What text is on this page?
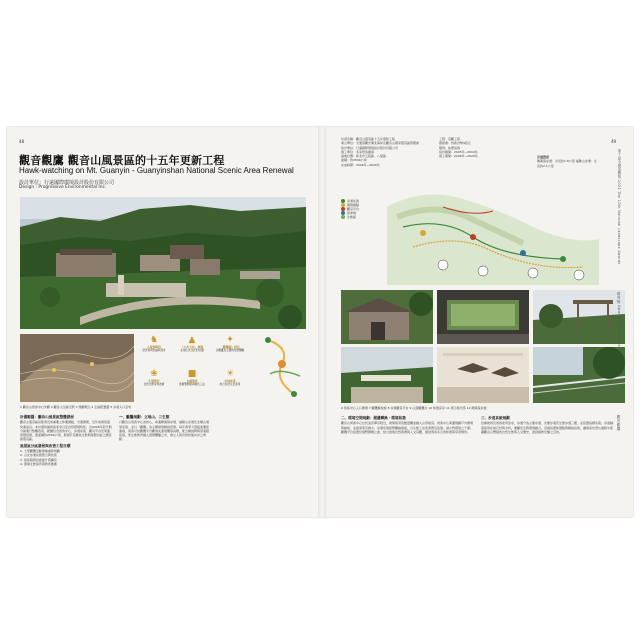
48
觀音觀鷹 觀音山風景區的十五年更新工程
Hawk-watching on Mt. Guanyin - Guanyinshan National Scenic Area Renewal
設計單位：行遠國際環境設計股份有限公司
Design : Progressive Environmental Inc.
♞
大眾參與性
居民參與討論與設計
▲
「山友文化」參與
在地山友文化的延續
✦
「觀鷹趣」特色
以觀鷹為主題的遊憩體驗
❀
生態教育
自然生態保育推廣
■
永續環境
低衝擊開發與綠色工法
☀
在地產業
結合在地文化產業
1 觀音山遊客中心外觀 2 觀音山全區空照 3 規劃理念 4 全區配置圖 5 步道入口意象
計畫範圍：觀音山風景區整體發展

觀音山風景區是都會近郊重要之休閒據點，交通便捷，近年來遊客量快速成長。本計畫依據遊客需求以及自然環境特性，自2006年起分期分區進行整體改善，範圍包含遊客中心、步道系統、觀景平台及周邊遊憩設施，總面積約2500公頃，期望打造兼具生態與遊憩功能之國家級風景區。

風景區分區發展與改善工程目標
1. 大型觀鷹活動場域重新規劃
2. 山友步道系統整合與改善
3. 遊客服務設施提升與擴充
4. 環境生態保育與教育推廣
一、觀鷹規劃：立地山、三生態

以觀音山遊客中心為核心，串連硬漢嶺步道、福隆山步道及北橫古道等系統，並以「觀鷹」為主題發展解說設施。每年春季大量猛禽遷徙過境，遊客可於觀鷹平台觀察灰面鵟鷹等鳥類，配合解說牌與望遠鏡設施，使生態教育融入遊憩體驗之中，建立人與自然和諧共存之典範。

49
計畫名稱：觀音山風景區十五年更新工程
業主單位：交通部觀光署北海岸及觀音山國家風景區管理處
設計單位：行遠國際環境設計股份有限公司
施工單位：多家營造廠商
基地位置：新北市五股區、八里區
面積：約2500公頃
完成時間：2006年~2020年
工程：景觀工程
總經費：約新台幣4億元
類別：休憩設施
設計期間：2005年~2019年
施工期間：2006年~2020年	步道資訊
硬漢嶺步道：全長約1.8公里 福隆山步道：全長約2.1公里
步道系統
服務據點
觀景平台
停車場
生態區
6 遊客中心入口廣場 7 觀鷹解說館 8 步道觀景平台 9 山頂觀鷹台 10 休憩涼亭 11 展示館內部 12 硬漢嶺步道
二、環境空間規劃：層遞轉換・環境和諧

觀音山遊客中心位於凌雲禪寺附近，建築採用低矮量體並融入山形地景。遊客中心周邊規劃戶外廣場與綠地，並保留原有樹木。步道系統經整體檢視後，以生態工法改善既有設施，減少對環境之干擾。觀鷹平台設置於視野開闊之處，結合當地自然資源與人文景觀，提供遊客多元的休憩與學習場所。

三、步道系統規劃

依據地形及遊客使用需求，步道分為主要步道、次要步道及生態步道三類，並設置指標系統。步道鋪面採用在地石材與木料，兼顧安全與環境融合。沿線設置休憩點與解說設施，讓遊客於登山過程中認識觀音山豐富的自然生態與人文歷史，達到寓教於樂之目的。

第十屆全國景觀獎 2022 The 10th National Landscape Awards
優秀獎 Award of Excellence
觀音觀鷹
